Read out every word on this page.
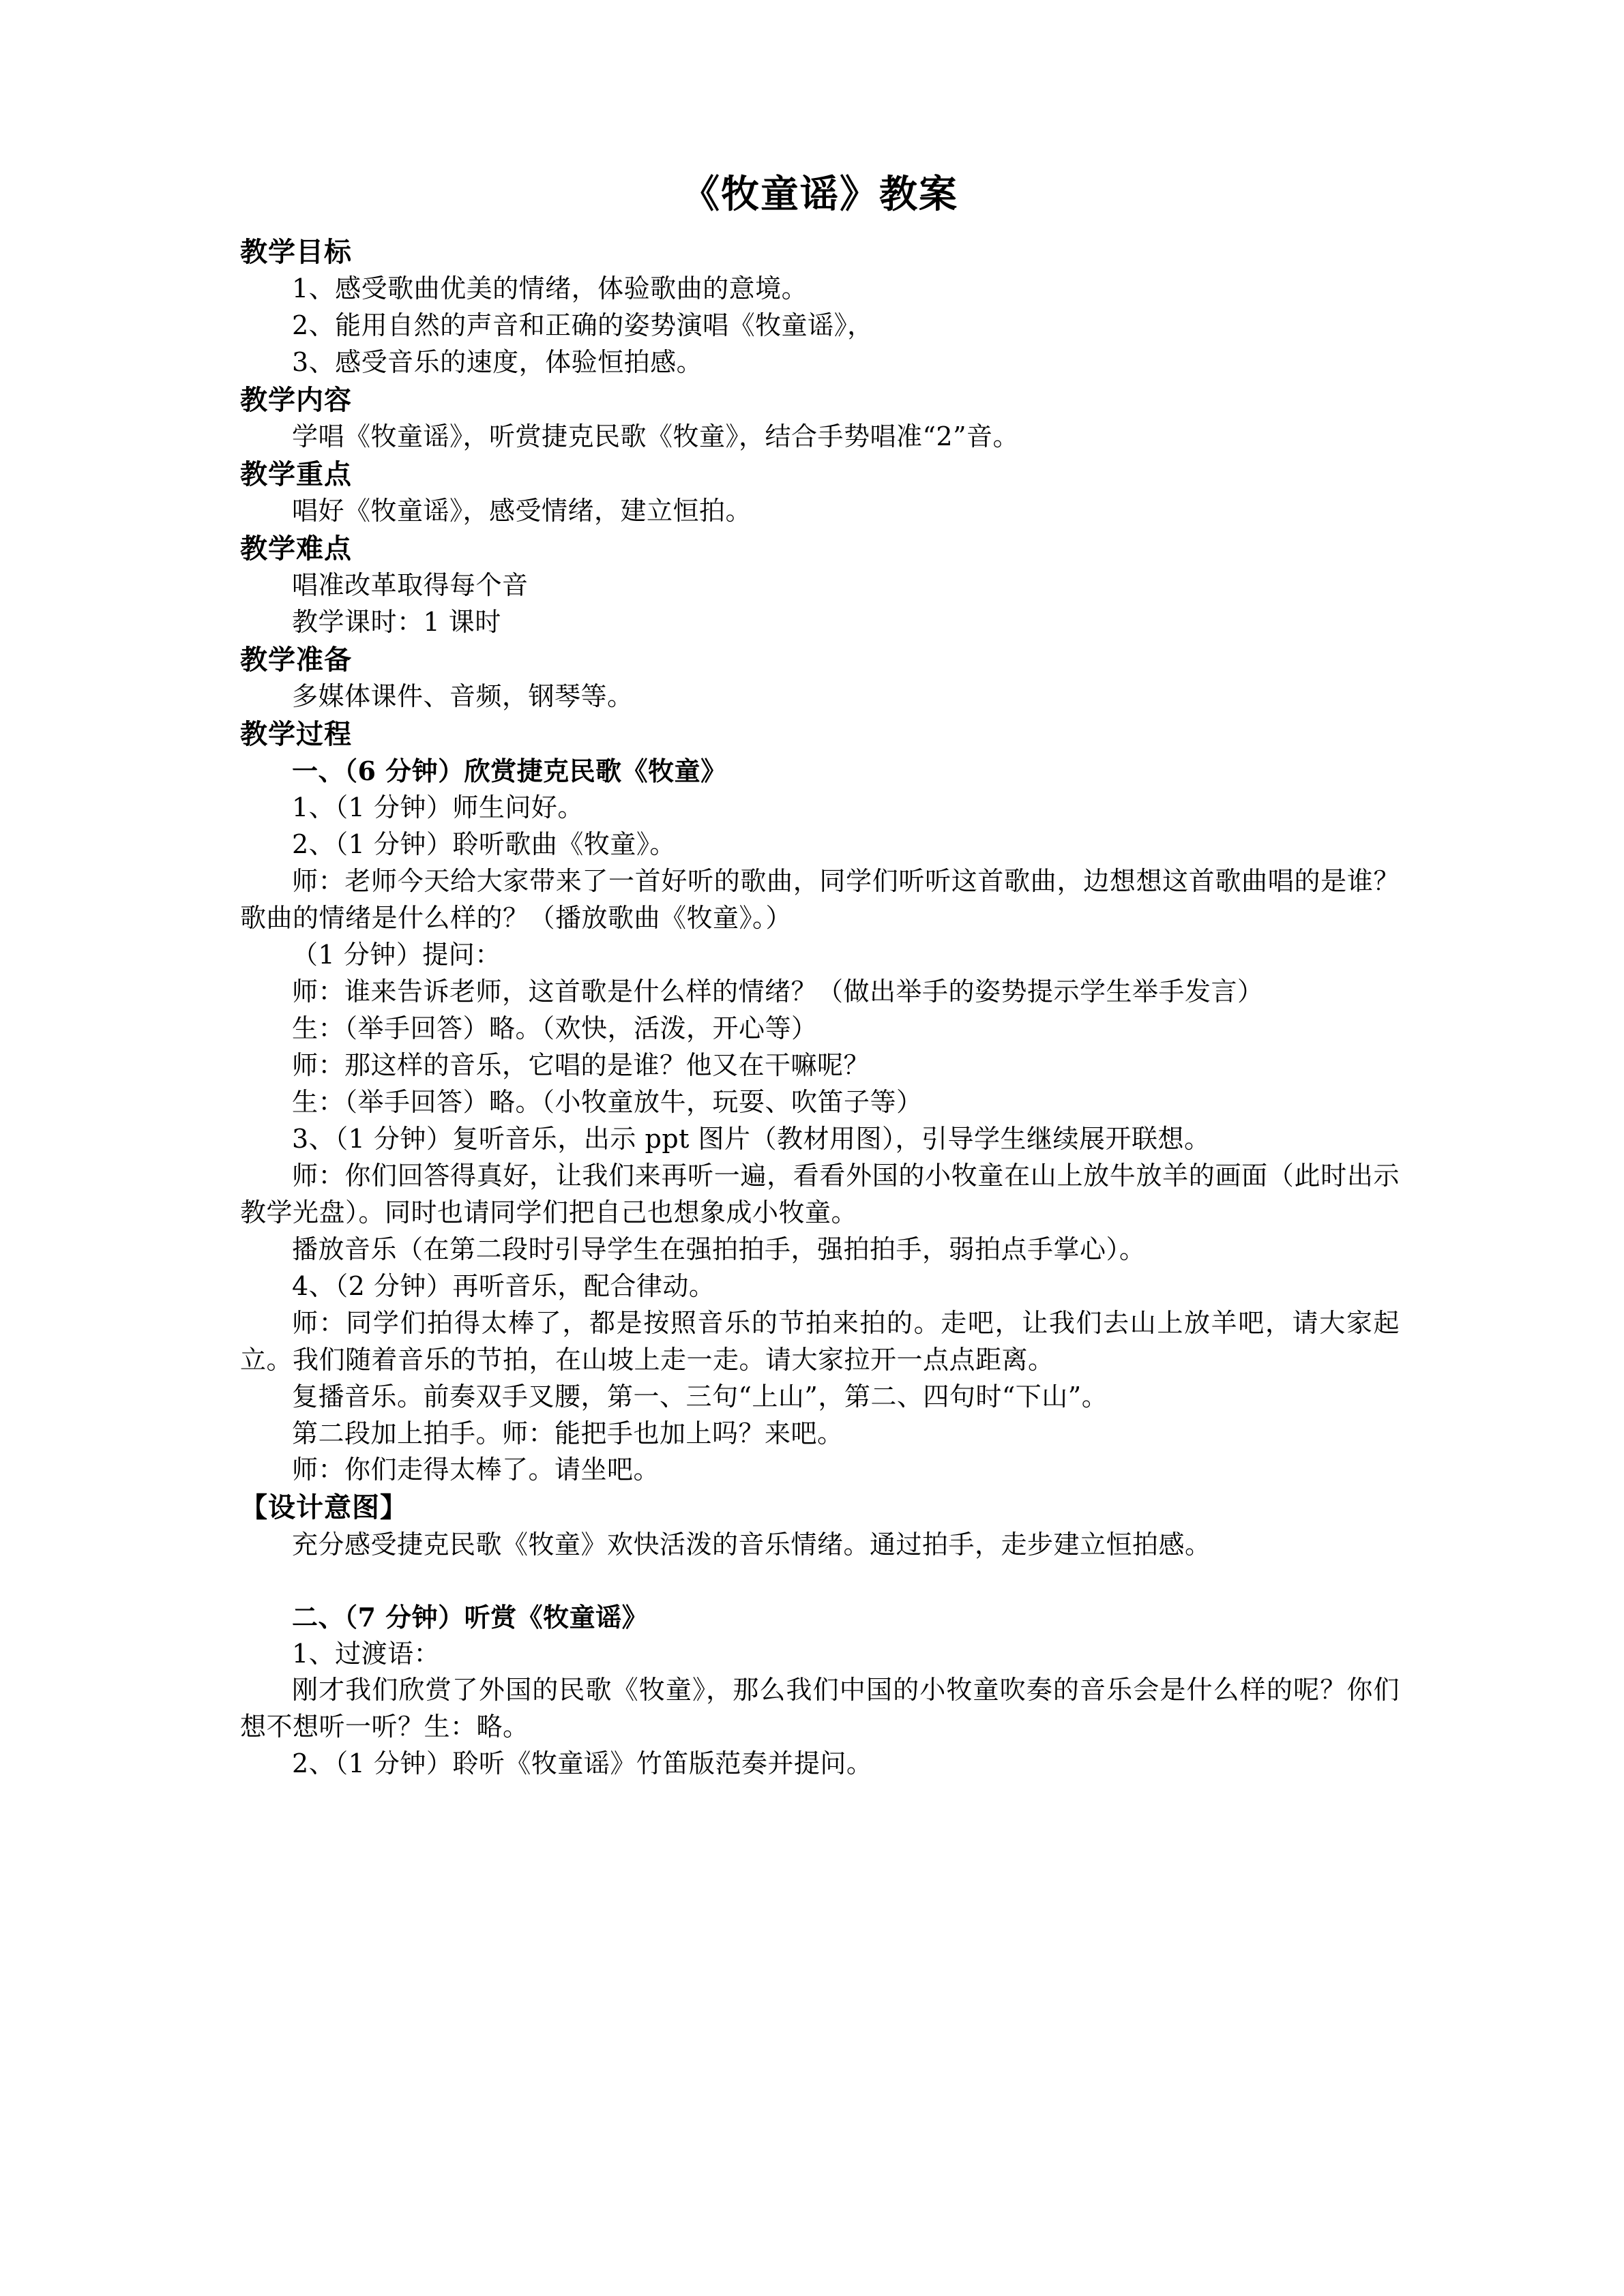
《牧童谣》教案
教学目标
1、感受歌曲优美的情绪，体验歌曲的意境。
2、能用自然的声音和正确的姿势演唱《牧童谣》，
3、感受音乐的速度，体验恒拍感。
教学内容
学唱《牧童谣》，听赏捷克民歌《牧童》，结合手势唱准“2”音。
教学重点
唱好《牧童谣》，感受情绪，建立恒拍。
教学难点
唱准改革取得每个音
教学课时：1 课时
教学准备
多媒体课件、音频，钢琴等。
教学过程
一、（6 分钟）欣赏捷克民歌《牧童》
1、（1 分钟）师生问好。
2、（1 分钟）聆听歌曲《牧童》。
师：老师今天给大家带来了一首好听的歌曲，同学们听听这首歌曲，边想想这首歌曲唱的是谁？歌曲的情绪是什么样的？（播放歌曲《牧童》。）
（1 分钟）提问：
师：谁来告诉老师，这首歌是什么样的情绪？（做出举手的姿势提示学生举手发言）
生：（举手回答）略。（欢快，活泼，开心等）
师：那这样的音乐，它唱的是谁？他又在干嘛呢？
生：（举手回答）略。（小牧童放牛，玩耍、吹笛子等）
3、（1 分钟）复听音乐，出示 ppt 图片（教材用图），引导学生继续展开联想。
师：你们回答得真好，让我们来再听一遍，看看外国的小牧童在山上放牛放羊的画面（此时出示教学光盘）。同时也请同学们把自己也想象成小牧童。
播放音乐（在第二段时引导学生在强拍拍手，强拍拍手，弱拍点手掌心）。
4、（2 分钟）再听音乐，配合律动。
师：同学们拍得太棒了，都是按照音乐的节拍来拍的。走吧，让我们去山上放羊吧，请大家起立。我们随着音乐的节拍，在山坡上走一走。请大家拉开一点点距离。
复播音乐。前奏双手叉腰，第一、三句“上山”，第二、四句时“下山”。
第二段加上拍手。师：能把手也加上吗？来吧。
师：你们走得太棒了。请坐吧。
【设计意图】
充分感受捷克民歌《牧童》欢快活泼的音乐情绪。通过拍手，走步建立恒拍感。
二、（7 分钟）听赏《牧童谣》
1、过渡语：
刚才我们欣赏了外国的民歌《牧童》，那么我们中国的小牧童吹奏的音乐会是什么样的呢？你们想不想听一听？生：略。
2、（1 分钟）聆听《牧童谣》竹笛版范奏并提问。
